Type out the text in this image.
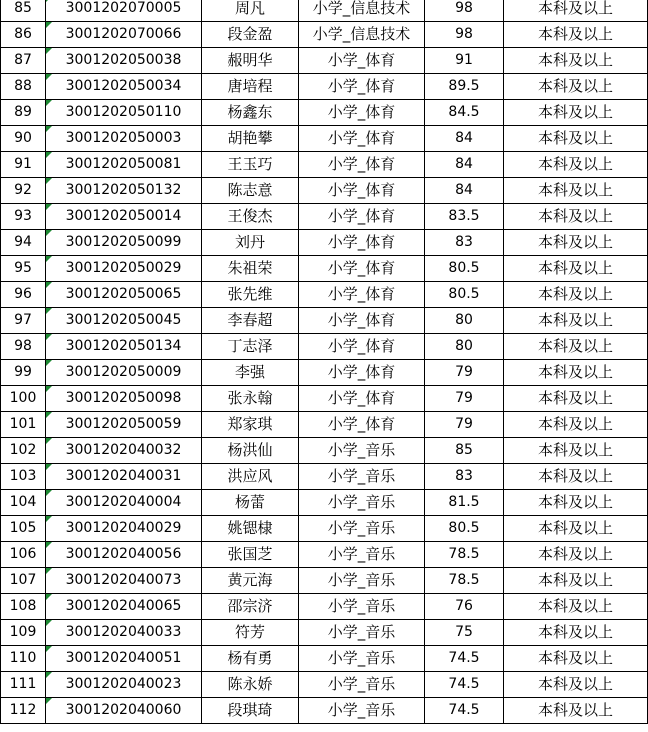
85	3001202070005	周凡	小学_信息技术	98	本科及以上
86	3001202070066	段金盈	小学_信息技术	98	本科及以上
87	3001202050038	赧明华	小学_体育	91	本科及以上
88	3001202050034	唐培程	小学_体育	89.5	本科及以上
89	3001202050110	杨鑫东	小学_体育	84.5	本科及以上
90	3001202050003	胡艳攀	小学_体育	84	本科及以上
91	3001202050081	王玉巧	小学_体育	84	本科及以上
92	3001202050132	陈志意	小学_体育	84	本科及以上
93	3001202050014	王俊杰	小学_体育	83.5	本科及以上
94	3001202050099	刘丹	小学_体育	83	本科及以上
95	3001202050029	朱祖荣	小学_体育	80.5	本科及以上
96	3001202050065	张先维	小学_体育	80.5	本科及以上
97	3001202050045	李春超	小学_体育	80	本科及以上
98	3001202050134	丁志泽	小学_体育	80	本科及以上
99	3001202050009	李强	小学_体育	79	本科及以上
100	3001202050098	张永翰	小学_体育	79	本科及以上
101	3001202050059	郑家琪	小学_体育	79	本科及以上
102	3001202040032	杨洪仙	小学_音乐	85	本科及以上
103	3001202040031	洪应风	小学_音乐	83	本科及以上
104	3001202040004	杨蕾	小学_音乐	81.5	本科及以上
105	3001202040029	姚锶棣	小学_音乐	80.5	本科及以上
106	3001202040056	张国芝	小学_音乐	78.5	本科及以上
107	3001202040073	黄元海	小学_音乐	78.5	本科及以上
108	3001202040065	邵宗济	小学_音乐	76	本科及以上
109	3001202040033	符芳	小学_音乐	75	本科及以上
110	3001202040051	杨有勇	小学_音乐	74.5	本科及以上
111	3001202040023	陈永娇	小学_音乐	74.5	本科及以上
112	3001202040060	段琪琦	小学_音乐	74.5	本科及以上
